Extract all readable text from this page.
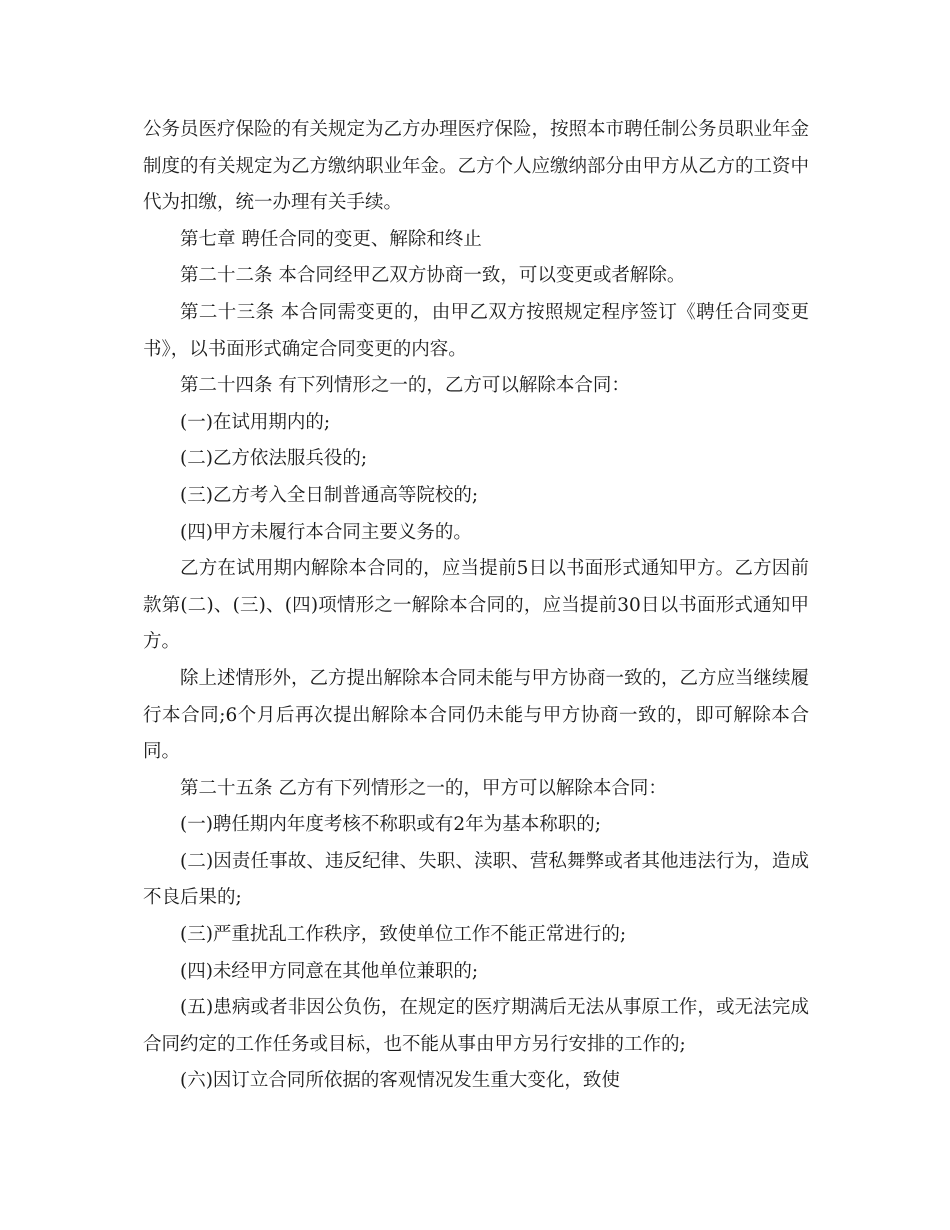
公务员医疗保险的有关规定为乙方办理医疗保险，按照本市聘任制公务员职业年金制度的有关规定为乙方缴纳职业年金。乙方个人应缴纳部分由甲方从乙方的工资中代为扣缴，统一办理有关手续。

第七章 聘任合同的变更、解除和终止

第二十二条 本合同经甲乙双方协商一致，可以变更或者解除。

第二十三条 本合同需变更的，由甲乙双方按照规定程序签订《聘任合同变更书》，以书面形式确定合同变更的内容。

第二十四条 有下列情形之一的，乙方可以解除本合同：

(一)在试用期内的;

(二)乙方依法服兵役的;

(三)乙方考入全日制普通高等院校的;

(四)甲方未履行本合同主要义务的。

乙方在试用期内解除本合同的，应当提前5日以书面形式通知甲方。乙方因前款第(二)、(三)、(四)项情形之一解除本合同的，应当提前30日以书面形式通知甲方。

除上述情形外，乙方提出解除本合同未能与甲方协商一致的，乙方应当继续履行本合同;6个月后再次提出解除本合同仍未能与甲方协商一致的，即可解除本合同。

第二十五条 乙方有下列情形之一的，甲方可以解除本合同：

(一)聘任期内年度考核不称职或有2年为基本称职的;

(二)因责任事故、违反纪律、失职、渎职、营私舞弊或者其他违法行为，造成不良后果的;

(三)严重扰乱工作秩序，致使单位工作不能正常进行的;

(四)未经甲方同意在其他单位兼职的;

(五)患病或者非因公负伤，在规定的医疗期满后无法从事原工作，或无法完成合同约定的工作任务或目标，也不能从事由甲方另行安排的工作的;

(六)因订立合同所依据的客观情况发生重大变化，致使
